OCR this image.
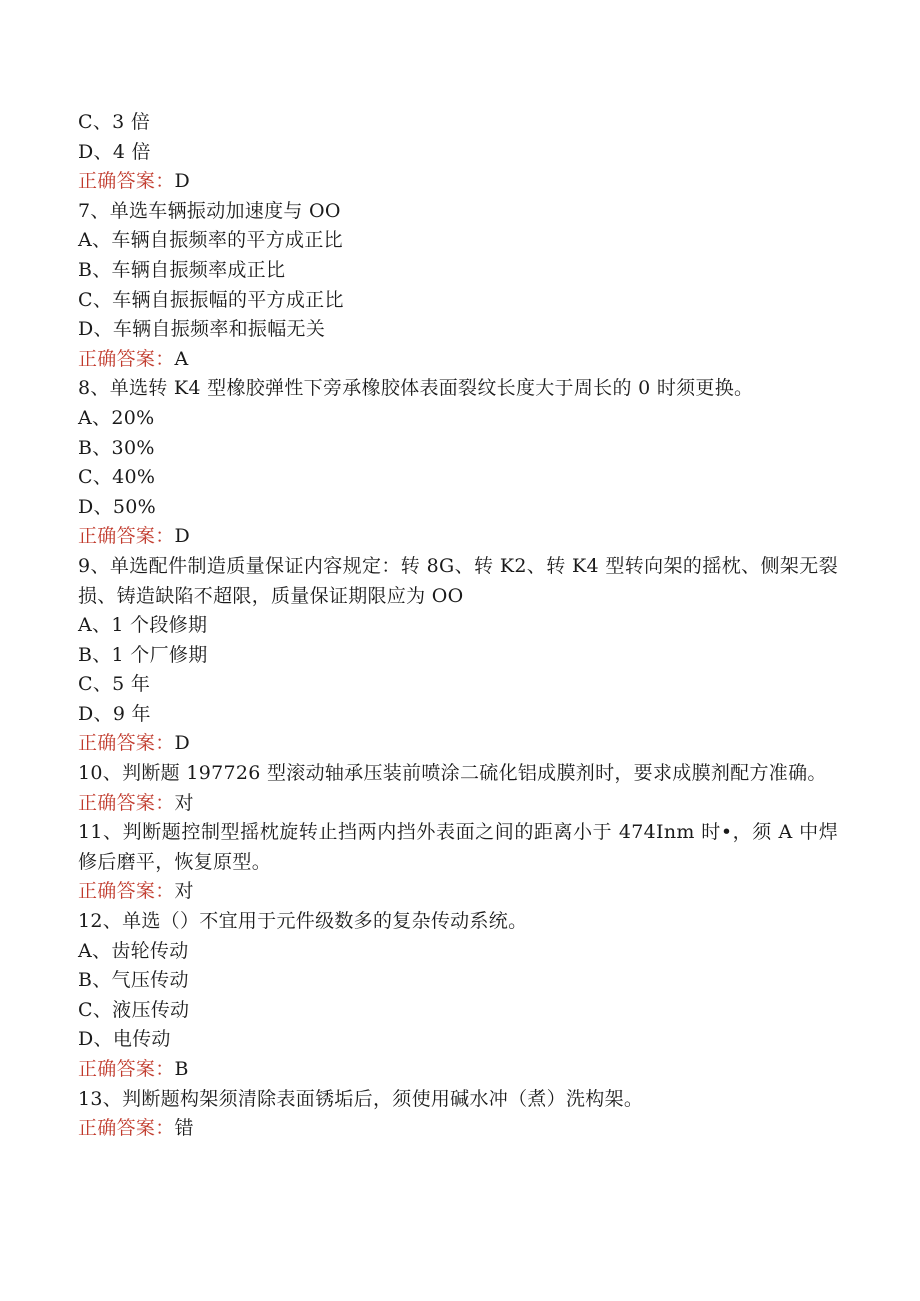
C、3 倍
D、4 倍
正确答案：D
7、单选车辆振动加速度与 OO
A、车辆自振频率的平方成正比
B、车辆自振频率成正比
C、车辆自振振幅的平方成正比
D、车辆自振频率和振幅无关
正确答案：A
8、单选转 K4 型橡胶弹性下旁承橡胶体表面裂纹长度大于周长的 0 时须更换。
A、20%
B、30%
C、40%
D、50%
正确答案：D
9、单选配件制造质量保证内容规定：转 8G、转 K2、转 K4 型转向架的摇枕、侧架无裂损、铸造缺陷不超限，质量保证期限应为 OO
A、1 个段修期
B、1 个厂修期
C、5 年
D、9 年
正确答案：D
10、判断题 197726 型滚动轴承压装前喷涂二硫化铝成膜剂时，要求成膜剂配方准确。
正确答案：对
11、判断题控制型摇枕旋转止挡两内挡外表面之间的距离小于 474Inm 时•，须 A 中焊修后磨平，恢复原型。
正确答案：对
12、单选（）不宜用于元件级数多的复杂传动系统。
A、齿轮传动
B、气压传动
C、液压传动
D、电传动
正确答案：B
13、判断题构架须清除表面锈垢后，须使用碱水冲（煮）洗构架。
正确答案：错
